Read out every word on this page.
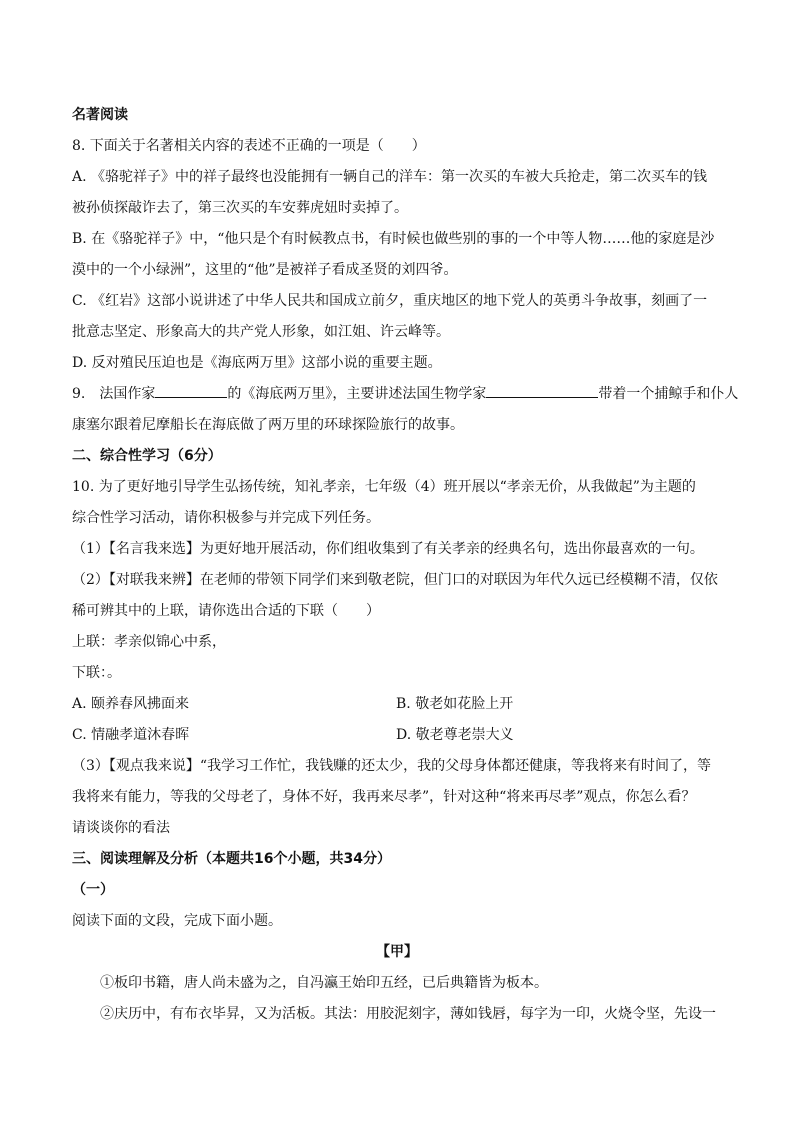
名著阅读
8. 下面关于名著相关内容的表述不正确的一项是（　　）
A. 《骆驼祥子》中的祥子最终也没能拥有一辆自己的洋车：第一次买的车被大兵抢走，第二次买车的钱
被孙侦探敲诈去了，第三次买的车安葬虎妞时卖掉了。
B. 在《骆驼祥子》中，“他只是个有时候教点书，有时候也做些别的事的一个中等人物……他的家庭是沙
漠中的一个小绿洲”，这里的“他”是被祥子看成圣贤的刘四爷。
C. 《红岩》这部小说讲述了中华人民共和国成立前夕，重庆地区的地下党人的英勇斗争故事，刻画了一
批意志坚定、形象高大的共产党人形象，如江姐、许云峰等。
D. 反对殖民压迫也是《海底两万里》这部小说的重要主题。
9.　法国作家	的《海底两万里》，主要讲述法国生物学家	带着一个捕鲸手和仆人
康塞尔跟着尼摩船长在海底做了两万里的环球探险旅行的故事。
二、综合性学习（6分）
10. 为了更好地引导学生弘扬传统，知礼孝亲，七年级（4）班开展以“孝亲无价，从我做起”为主题的
综合性学习活动，请你积极参与并完成下列任务。
（1）【名言我来选】为更好地开展活动，你们组收集到了有关孝亲的经典名句，选出你最喜欢的一句。
（2）【对联我来辨】在老师的带领下同学们来到敬老院，但门口的对联因为年代久远已经模糊不清，仅依
稀可辨其中的上联，请你选出合适的下联（　　）
上联：孝亲似锦心中系，
下联：。
A. 颐养春风拂面来	B. 敬老如花脸上开
C. 情融孝道沐春晖	D. 敬老尊老崇大义
（3）【观点我来说】“我学习工作忙，我钱赚的还太少，我的父母身体都还健康，等我将来有时间了，等
我将来有能力，等我的父母老了，身体不好，我再来尽孝”，针对这种“将来再尽孝”观点，你怎么看？
请谈谈你的看法
三、阅读理解及分析（本题共16个小题，共34分）
（一）
阅读下面的文段，完成下面小题。
【甲】
①板印书籍，唐人尚未盛为之，自冯瀛王始印五经，已后典籍皆为板本。
②庆历中，有布衣毕昇，又为活板。其法：用胶泥刻字，薄如钱唇，每字为一印，火烧令坚，先设一
